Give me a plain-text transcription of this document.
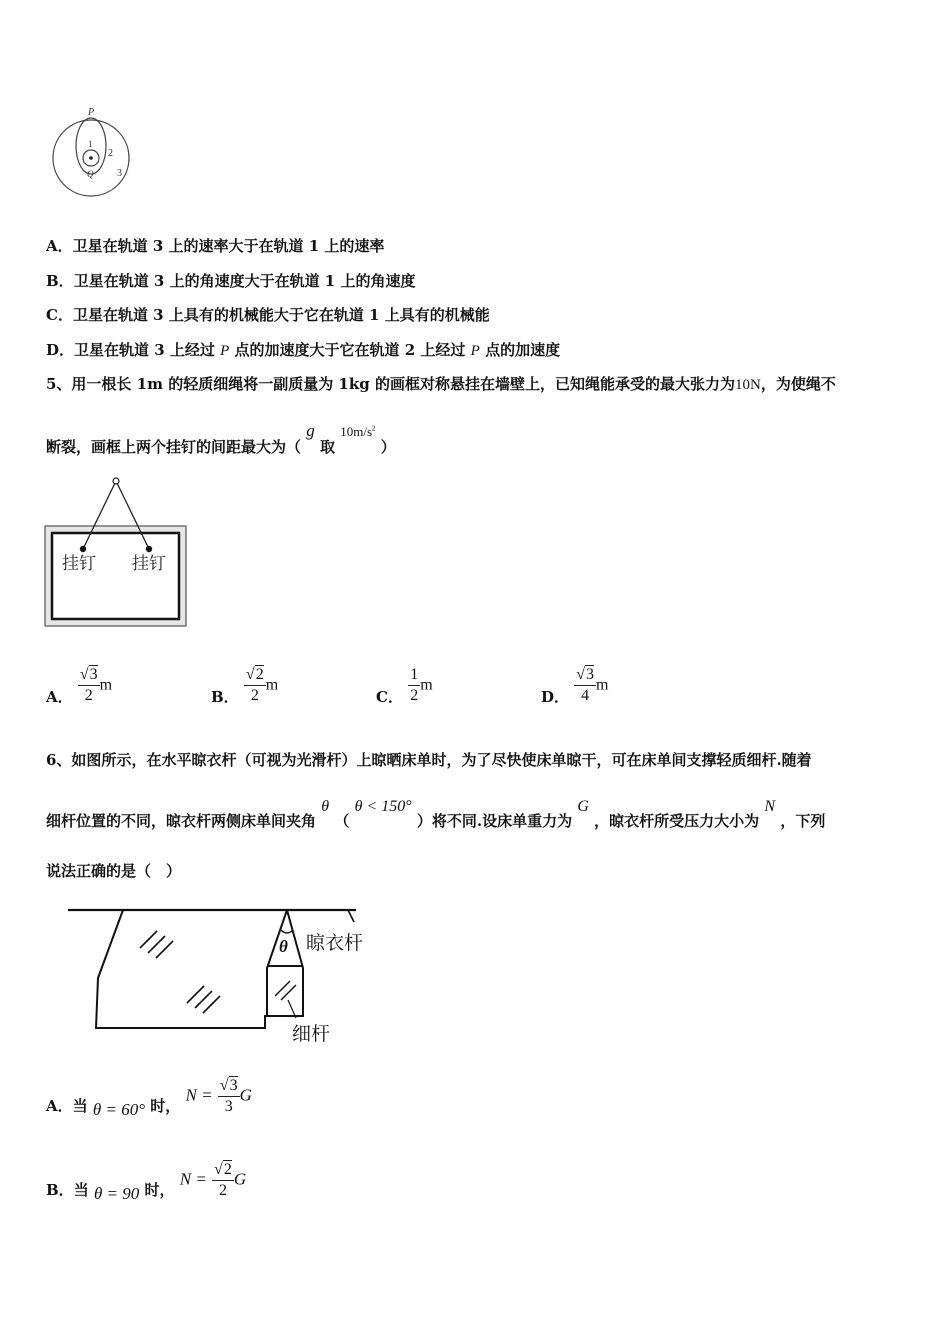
P
1
2
3
Q
A．卫星在轨道 3 上的速率大于在轨道 1 上的速率
B．卫星在轨道 3 上的角速度大于在轨道 1 上的角速度
C．卫星在轨道 3 上具有的机械能大于它在轨道 1 上具有的机械能
D．卫星在轨道 3 上经过 P 点的加速度大于它在轨道 2 上经过 P 点的加速度
5、用一根长 1m 的轻质细绳将一副质量为 1kg 的画框对称悬挂在墙壁上，已知绳能承受的最大张力为10N，为使绳不
断裂，画框上两个挂钉的间距最大为（ g 取 $10m/s^2$ ）
挂钉 挂钉
A． $\frac{√3}{2}$ m
B． $\frac{√2}{2}$ m
C． $\frac{1}{2}$ m
D． $\frac{√3}{4}$ m
6、如图所示，在水平晾衣杆（可视为光滑杆）上晾晒床单时，为了尽快使床单晾干，可在床单间支撑轻质细杆.随着
细杆位置的不同，晾衣杆两侧床单间夹角 θ （ θ < 150° ）将不同.设床单重力为 G ，晾衣杆所受压力大小为 N ，下列
说法正确的是（　）
θ 晾衣杆
细杆
A．当 θ = 60° 时， $N = \frac{√3}{3}$ G
B．当 θ = 90 时， $N = \frac{√2}{2}$ G
